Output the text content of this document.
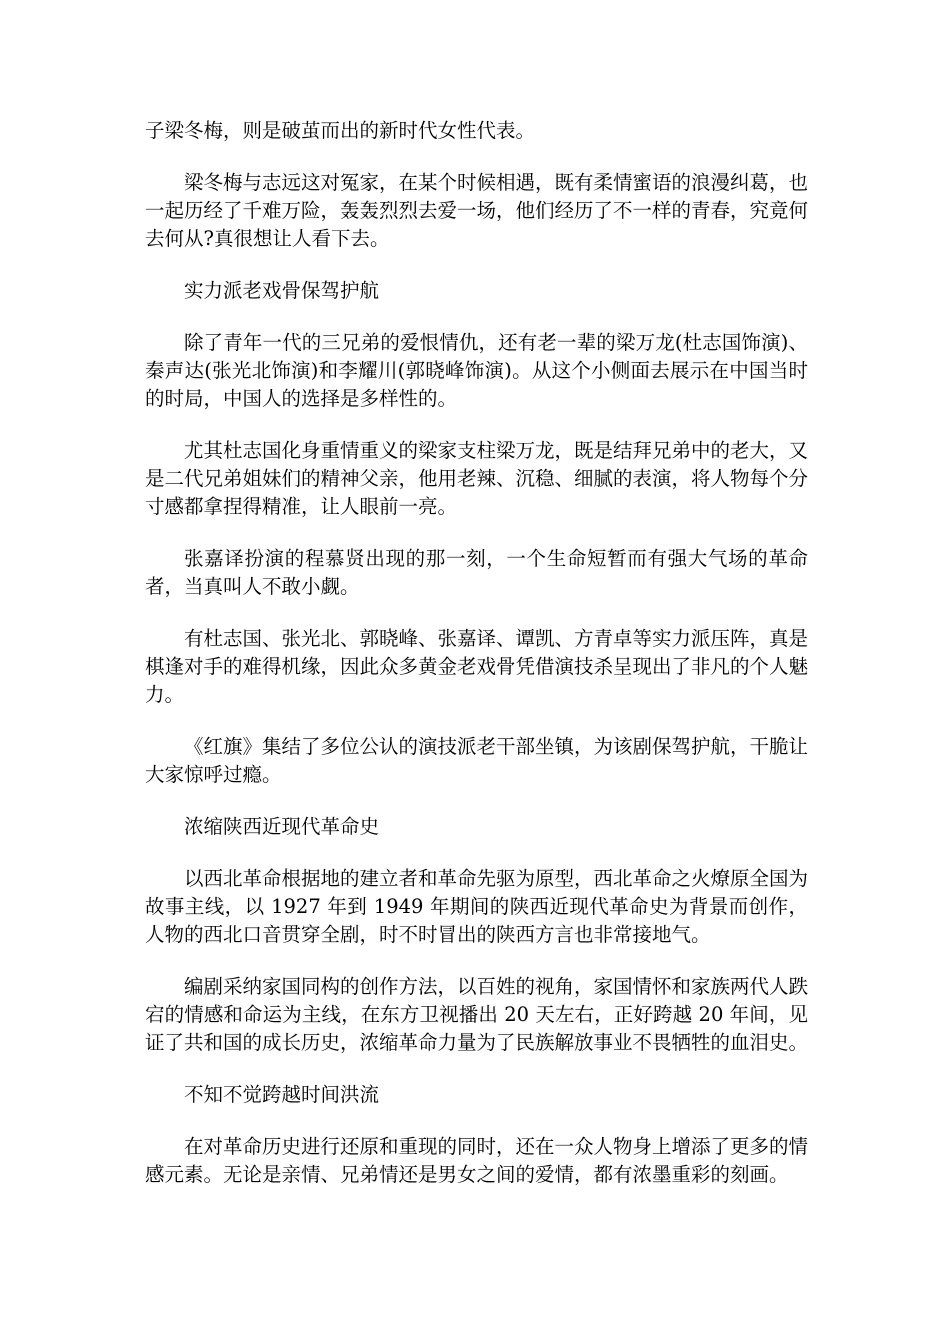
子梁冬梅，则是破茧而出的新时代女性代表。

梁冬梅与志远这对冤家，在某个时候相遇，既有柔情蜜语的浪漫纠葛，也一起历经了千难万险，轰轰烈烈去爱一场，他们经历了不一样的青春，究竟何去何从?真很想让人看下去。

实力派老戏骨保驾护航

除了青年一代的三兄弟的爱恨情仇，还有老一辈的梁万龙(杜志国饰演)、秦声达(张光北饰演)和李耀川(郭晓峰饰演)。从这个小侧面去展示在中国当时的时局，中国人的选择是多样性的。

尤其杜志国化身重情重义的梁家支柱梁万龙，既是结拜兄弟中的老大，又是二代兄弟姐妹们的精神父亲，他用老辣、沉稳、细腻的表演，将人物每个分寸感都拿捏得精准，让人眼前一亮。

张嘉译扮演的程慕贤出现的那一刻，一个生命短暂而有强大气场的革命者，当真叫人不敢小觑。

有杜志国、张光北、郭晓峰、张嘉译、谭凯、方青卓等实力派压阵，真是棋逢对手的难得机缘，因此众多黄金老戏骨凭借演技杀呈现出了非凡的个人魅力。

《红旗》集结了多位公认的演技派老干部坐镇，为该剧保驾护航，干脆让大家惊呼过瘾。

浓缩陕西近现代革命史

以西北革命根据地的建立者和革命先驱为原型，西北革命之火燎原全国为故事主线，以 1927 年到 1949 年期间的陕西近现代革命史为背景而创作，人物的西北口音贯穿全剧，时不时冒出的陕西方言也非常接地气。

编剧采纳家国同构的创作方法，以百姓的视角，家国情怀和家族两代人跌宕的情感和命运为主线，在东方卫视播出 20 天左右，正好跨越 20 年间，见证了共和国的成长历史，浓缩革命力量为了民族解放事业不畏牺牲的血泪史。

不知不觉跨越时间洪流

在对革命历史进行还原和重现的同时，还在一众人物身上增添了更多的情感元素。无论是亲情、兄弟情还是男女之间的爱情，都有浓墨重彩的刻画。
